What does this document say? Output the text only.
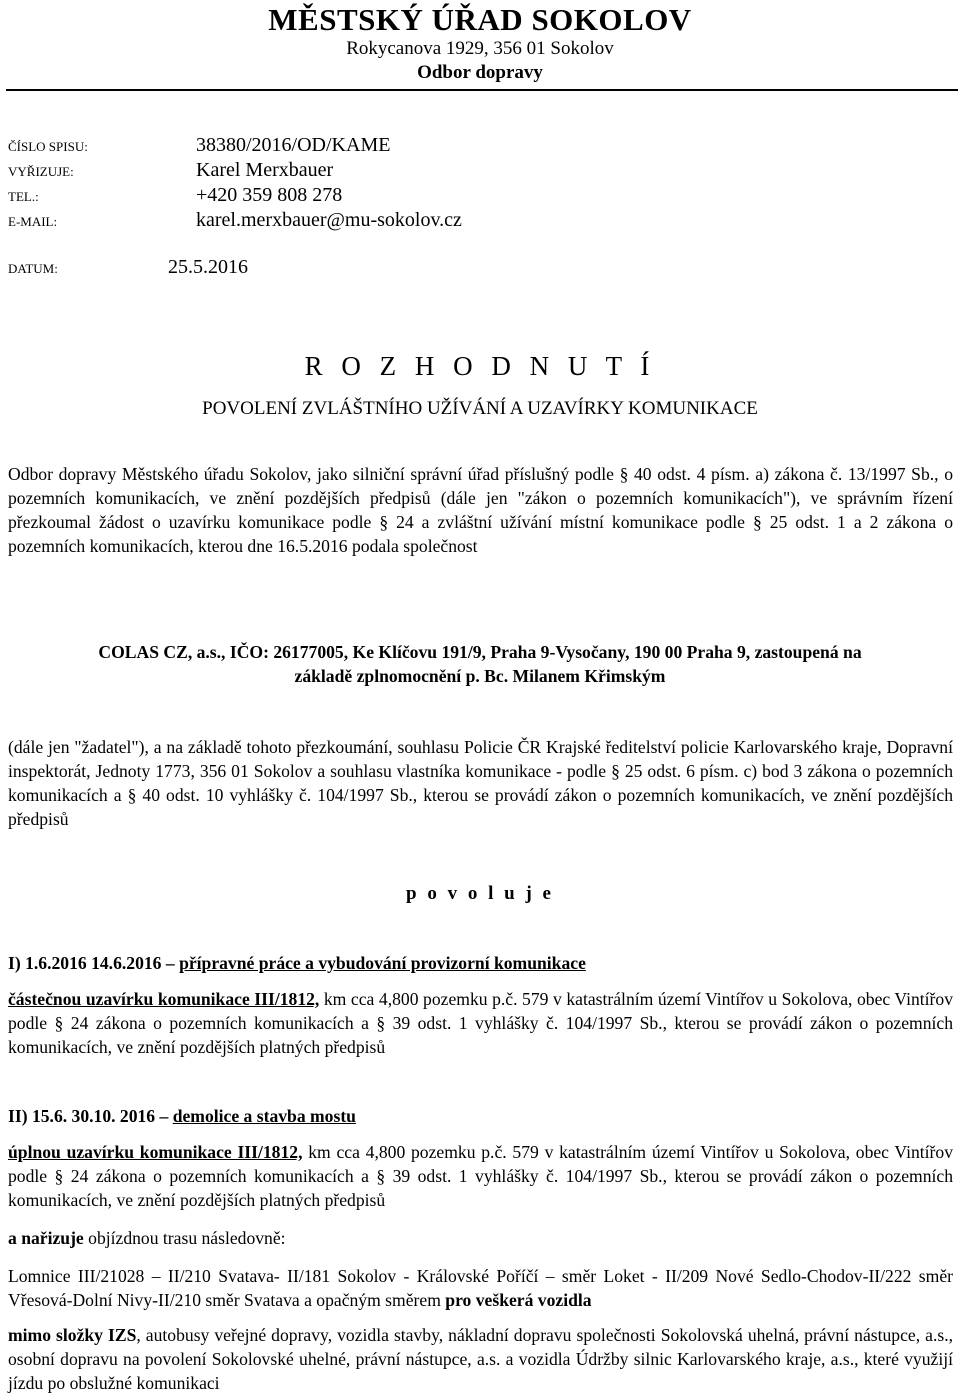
MĚSTSKÝ ÚŘAD SOKOLOV
Rokycanova 1929, 356 01 Sokolov
Odbor dopravy
ČÍSLO SPISU:	38380/2016/OD/KAME
VYŘIZUJE:	Karel Merxbauer
TEL.:	+420 359 808 278
E-MAIL:	karel.merxbauer@mu-sokolov.cz
DATUM:	25.5.2016
R O Z H O D N U T Í
POVOLENÍ ZVLÁŠTNÍHO UŽÍVÁNÍ A UZAVÍRKY KOMUNIKACE
Odbor dopravy Městského úřadu Sokolov, jako silniční správní úřad příslušný podle § 40 odst. 4 písm. a) zákona č. 13/1997 Sb., o pozemních komunikacích, ve znění pozdějších předpisů (dále jen "zákon o pozemních komunikacích"), ve správním řízení přezkoumal žádost o uzavírku komunikace podle § 24 a zvláštní užívání místní komunikace podle § 25 odst. 1 a 2 zákona o pozemních komunikacích, kterou dne 16.5.2016 podala společnost
COLAS CZ, a.s., IČO: 26177005, Ke Klíčovu 191/9, Praha 9-Vysočany, 190 00 Praha 9, zastoupená na
základě zplnomocnění p. Bc. Milanem Křimským
(dále jen "žadatel"), a na základě tohoto přezkoumání, souhlasu Policie ČR Krajské ředitelství policie Karlovarského kraje, Dopravní inspektorát, Jednoty 1773, 356 01 Sokolov a souhlasu vlastníka komunikace - podle § 25 odst. 6 písm. c) bod 3 zákona o pozemních komunikacích a § 40 odst. 10 vyhlášky č. 104/1997 Sb., kterou se provádí zákon o pozemních komunikacích, ve znění pozdějších předpisů
p o v o l u j e
I) 1.6.2016 14.6.2016 – přípravné práce a vybudování provizorní komunikace
částečnou uzavírku komunikace III/1812, km cca 4,800 pozemku p.č. 579 v katastrálním území Vintířov u Sokolova, obec Vintířov podle § 24 zákona o pozemních komunikacích a § 39 odst. 1 vyhlášky č. 104/1997 Sb., kterou se provádí zákon o pozemních komunikacích, ve znění pozdějších platných předpisů
II) 15.6. 30.10. 2016 – demolice a stavba mostu
úplnou uzavírku komunikace III/1812, km cca 4,800 pozemku p.č. 579 v katastrálním území Vintířov u Sokolova, obec Vintířov podle § 24 zákona o pozemních komunikacích a § 39 odst. 1 vyhlášky č. 104/1997 Sb., kterou se provádí zákon o pozemních komunikacích, ve znění pozdějších platných předpisů
a nařizuje objízdnou trasu následovně:
Lomnice III/21028 – II/210 Svatava- II/181 Sokolov - Královské Poříčí – směr Loket - II/209 Nové Sedlo-Chodov-II/222 směr Vřesová-Dolní Nivy-II/210 směr Svatava a opačným směrem pro veškerá vozidla
mimo složky IZS, autobusy veřejné dopravy, vozidla stavby, nákladní dopravu společnosti Sokolovská uhelná, právní nástupce, a.s., osobní dopravu na povolení Sokolovské uhelné, právní nástupce, a.s. a vozidla Údržby silnic Karlovarského kraje, a.s., které využijí jízdu po obslužné komunikaci
